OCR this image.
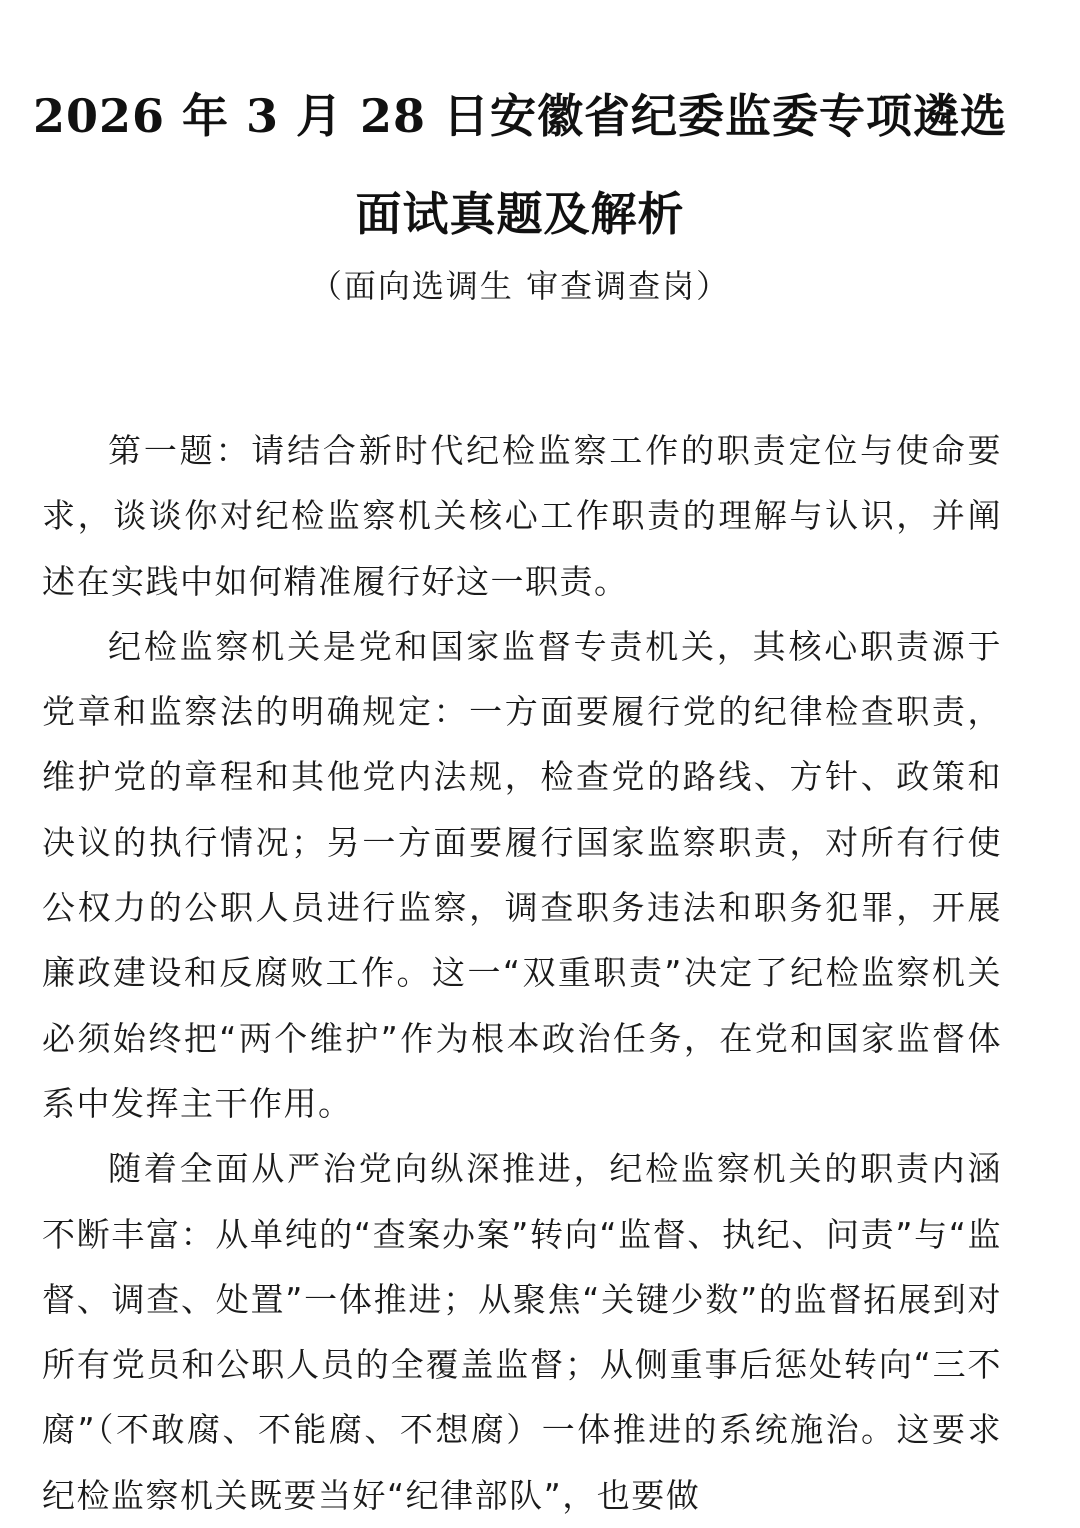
2026 年 3 月 28 日安徽省纪委监委专项遴选
面试真题及解析

（面向选调生 审查调查岗）

第一题：请结合新时代纪检监察工作的职责定位与使命要求，谈谈你对纪检监察机关核心工作职责的理解与认识，并阐述在实践中如何精准履行好这一职责。

纪检监察机关是党和国家监督专责机关，其核心职责源于党章和监察法的明确规定：一方面要履行党的纪律检查职责，维护党的章程和其他党内法规，检查党的路线、方针、政策和决议的执行情况；另一方面要履行国家监察职责，对所有行使公权力的公职人员进行监察，调查职务违法和职务犯罪，开展廉政建设和反腐败工作。这一“双重职责”决定了纪检监察机关必须始终把“两个维护”作为根本政治任务，在党和国家监督体系中发挥主干作用。

随着全面从严治党向纵深推进，纪检监察机关的职责内涵不断丰富：从单纯的“查案办案”转向“监督、执纪、问责”与“监督、调查、处置”一体推进；从聚焦“关键少数”的监督拓展到对所有党员和公职人员的全覆盖监督；从侧重事后惩处转向“三不腐”（不敢腐、不能腐、不想腐）一体推进的系统施治。这要求纪检监察机关既要当好“纪律部队”，也要做
